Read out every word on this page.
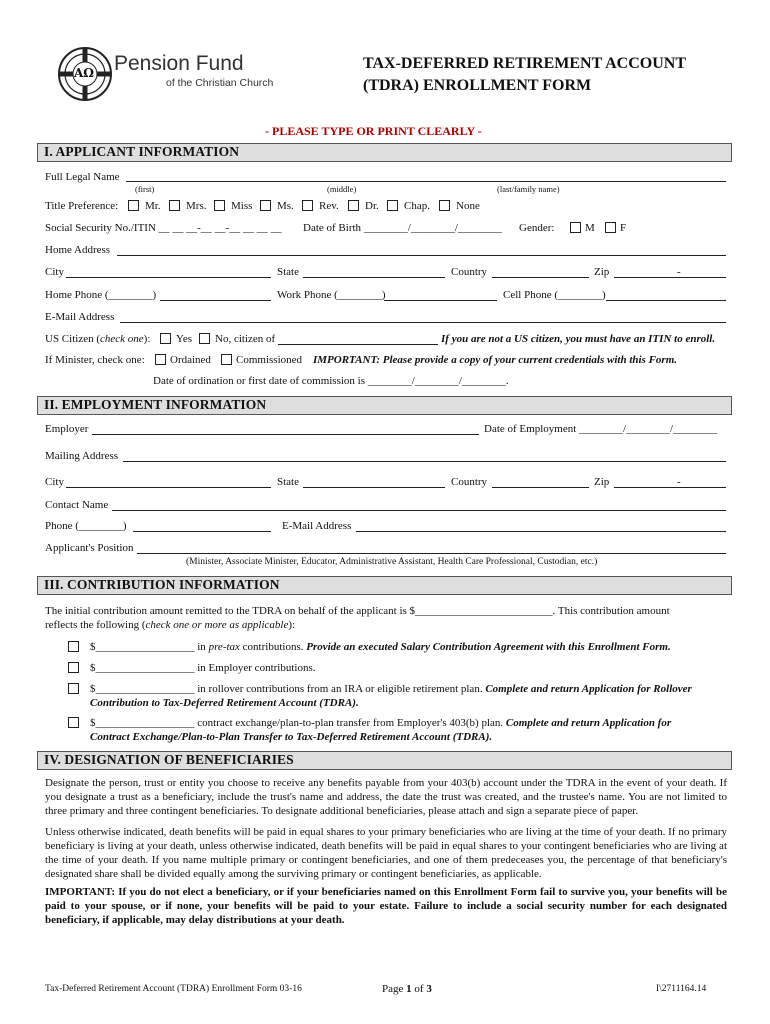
AΩ Pension Fund
of the Christian Church
TAX-DEFERRED RETIREMENT ACCOUNT
(TDRA) ENROLLMENT FORM
- PLEASE TYPE OR PRINT CLEARLY -
I. APPLICANT INFORMATION
Full Legal Name
(first)	(middle)	(last/family name)
Title Preference: Mr. Mrs. Miss Ms. Rev. Dr. Chap. None
Social Security No./ITIN __ __ __-__ __-__ __ __ __ Date of Birth ________/________/________ Gender:	M F
Home Address
City	State	Country	Zip	-
Home Phone (________)	Work Phone (________)	Cell Phone (________)
E-Mail Address
US Citizen (check one): Yes No, citizen of	If you are not a US citizen, you must have an ITIN to enroll.
If Minister, check one: Ordained Commissioned IMPORTANT: Please provide a copy of your current credentials with this Form.
Date of ordination or first date of commission is ________/________/________.
II. EMPLOYMENT INFORMATION
Employer	Date of Employment ________/________/________
Mailing Address
City	State	Country	Zip	-
Contact Name
Phone (________)	E-Mail Address
Applicant's Position
(Minister, Associate Minister, Educator, Administrative Assistant, Health Care Professional, Custodian, etc.)
III. CONTRIBUTION INFORMATION
The initial contribution amount remitted to the TDRA on behalf of the applicant is $_________________________. This contribution amount
reflects the following (check one or more as applicable):
$__________________ in pre-tax contributions. Provide an executed Salary Contribution Agreement with this Enrollment Form.
$__________________ in Employer contributions.
$__________________ in rollover contributions from an IRA or eligible retirement plan. Complete and return Application for Rollover
Contribution to Tax-Deferred Retirement Account (TDRA).
$__________________ contract exchange/plan-to-plan transfer from Employer's 403(b) plan. Complete and return Application for
Contract Exchange/Plan-to-Plan Transfer to Tax-Deferred Retirement Account (TDRA).
IV. DESIGNATION OF BENEFICIARIES
Designate the person, trust or entity you choose to receive any benefits payable from your 403(b) account under the TDRA in the event of your death. If you designate a trust as a beneficiary, include the trust's name and address, the date the trust was created, and the trustee's name. You are not limited to three primary and three contingent beneficiaries. To designate additional beneficiaries, please attach and sign a separate piece of paper.
Unless otherwise indicated, death benefits will be paid in equal shares to your primary beneficiaries who are living at the time of your death. If no primary beneficiary is living at your death, unless otherwise indicated, death benefits will be paid in equal shares to your contingent beneficiaries who are living at the time of your death. If you name multiple primary or contingent beneficiaries, and one of them predeceases you, the percentage of that beneficiary's designated share shall be divided equally among the surviving primary or contingent beneficiaries, as applicable.
IMPORTANT: If you do not elect a beneficiary, or if your beneficiaries named on this Enrollment Form fail to survive you, your benefits will be paid to your spouse, or if none, your benefits will be paid to your estate. Failure to include a social security number for each designated beneficiary, if applicable, may delay distributions at your death.
Tax-Deferred Retirement Account (TDRA) Enrollment Form 03-16	Page 1 of 3	I\2711164.14
